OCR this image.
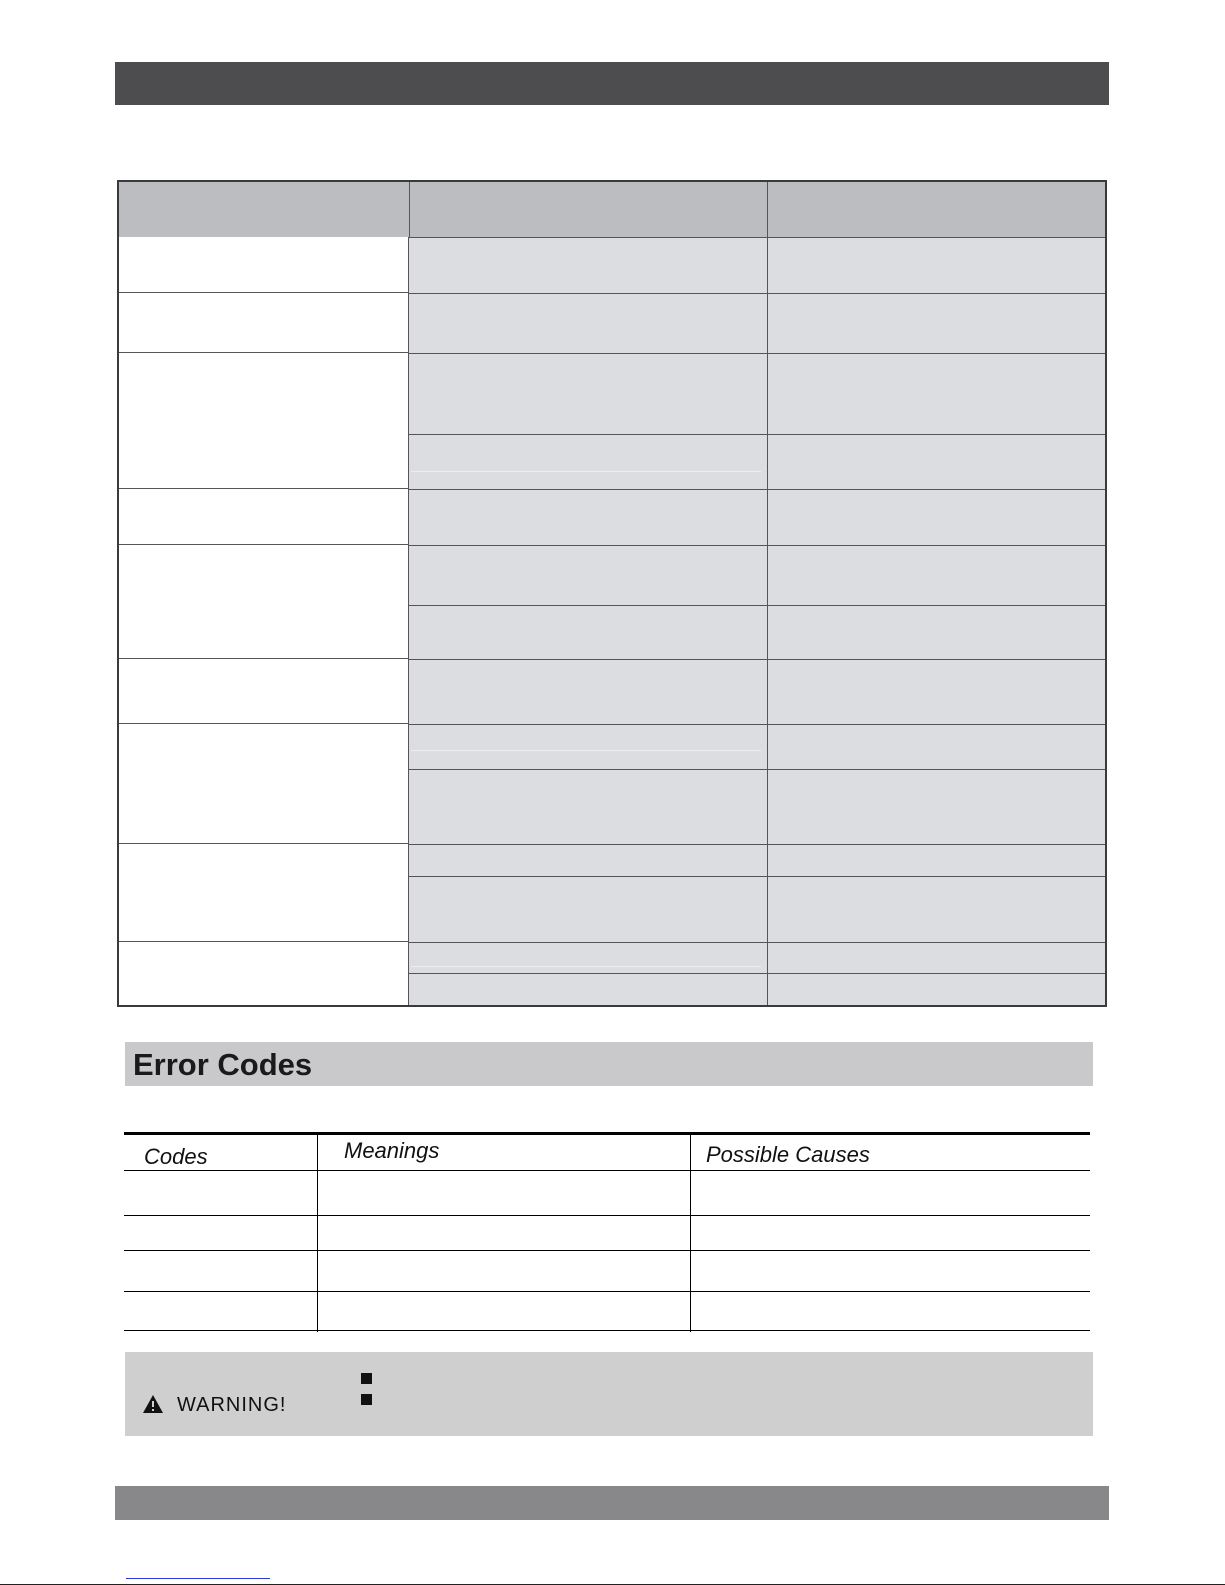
Error Codes
Codes	Meanings	Possible Causes
WARNING!
